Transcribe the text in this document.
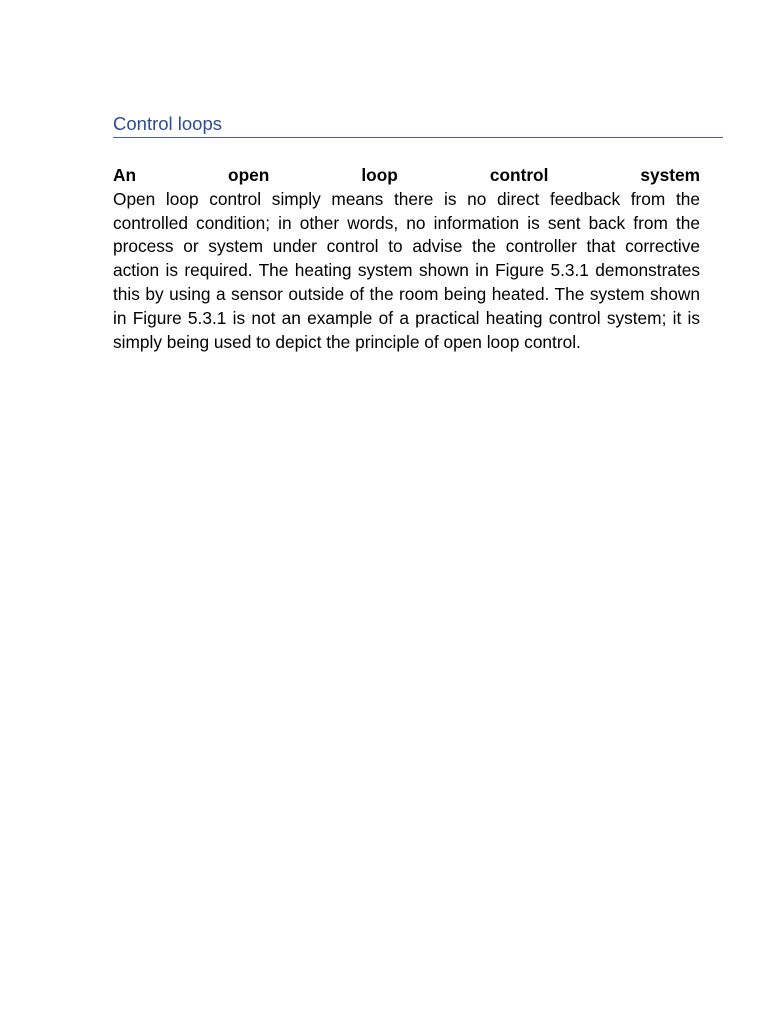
Control loops

An open loop control system

Open loop control simply means there is no direct feedback from the controlled condition; in other words, no information is sent back from the process or system under control to advise the controller that corrective action is required. The heating system shown in Figure 5.3.1 demonstrates this by using a sensor outside of the room being heated. The system shown in Figure 5.3.1 is not an example of a practical heating control system; it is simply being used to depict the principle of open loop control.
